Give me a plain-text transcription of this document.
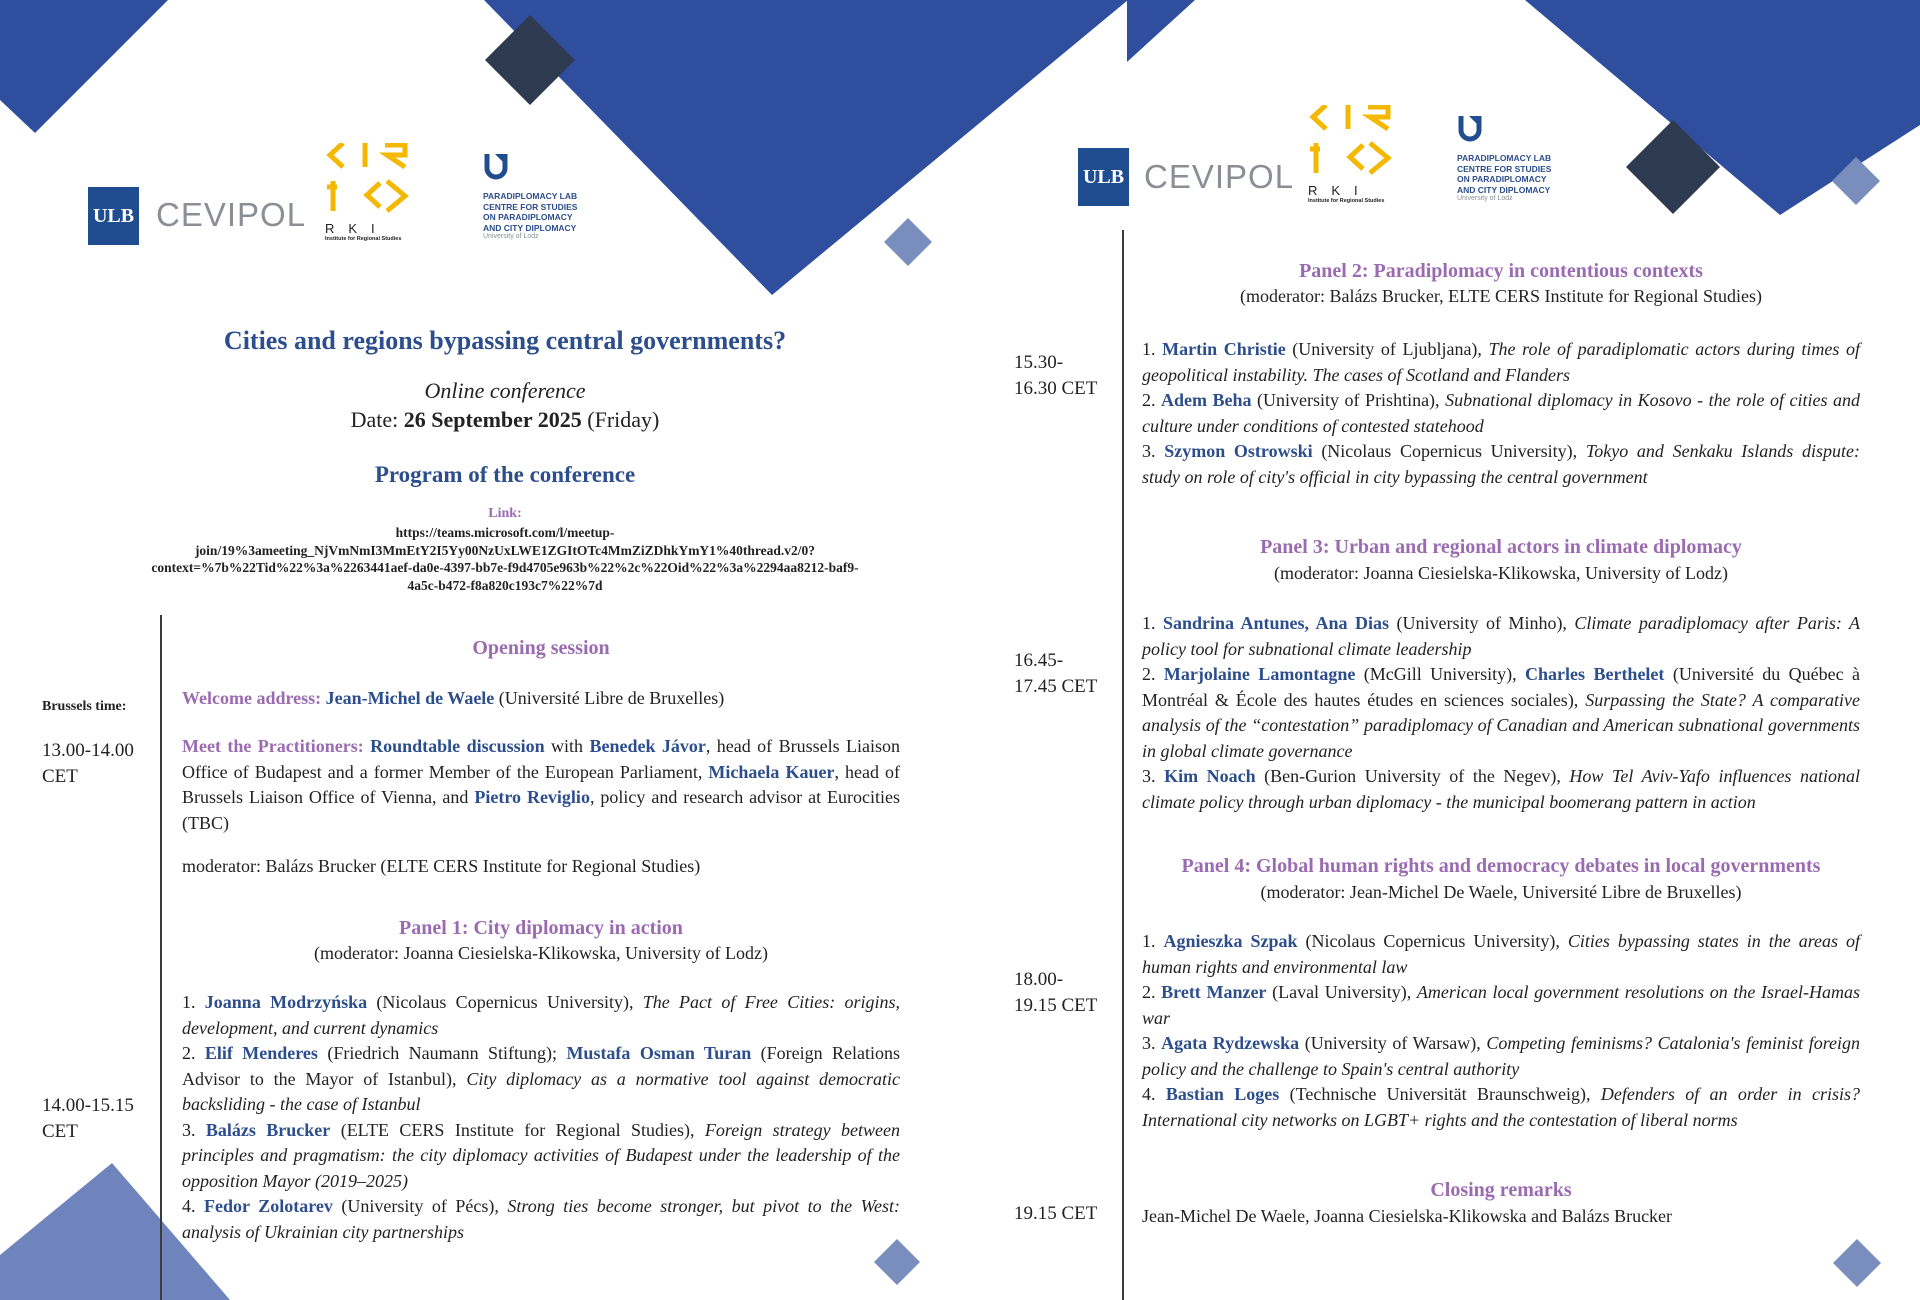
ULB CEVIPOL RKI
Institute for Regional Studies
PARADIPLOMACY LAB
CENTRE FOR STUDIES
ON PARADIPLOMACY
AND CITY DIPLOMACY
University of Lodz
ULB CEVIPOL RKI
Institute for Regional Studies
PARADIPLOMACY LAB
CENTRE FOR STUDIES
ON PARADIPLOMACY
AND CITY DIPLOMACY
University of Lodz
Cities and regions bypassing central governments?
Online conference
Date: 26 September 2025 (Friday)
Program of the conference
Link:
https://teams.microsoft.com/l/meetup-
join/19%3ameeting_NjVmNmI3MmEtY2I5Yy00NzUxLWE1ZGItOTc4MmZiZDhkYmY1%40thread.v2/0?
context=%7b%22Tid%22%3a%2263441aef-da0e-4397-bb7e-f9d4705e963b%22%2c%22Oid%22%3a%2294aa8212-baf9-
4a5c-b472-f8a820c193c7%22%7d
Brussels time:
13.00-14.00
CET
14.00-15.15
CET
Opening session
Welcome address: Jean-Michel de Waele (Université Libre de Bruxelles)
Meet the Practitioners: Roundtable discussion with Benedek Jávor, head of Brussels Liaison Office of Budapest and a former Member of the European Parliament, Michaela Kauer, head of Brussels Liaison Office of Vienna, and Pietro Reviglio, policy and research advisor at Eurocities (TBC)
moderator: Balázs Brucker (ELTE CERS Institute for Regional Studies)
Panel 1: City diplomacy in action
(moderator: Joanna Ciesielska-Klikowska, University of Lodz)
1. Joanna Modrzyńska (Nicolaus Copernicus University), The Pact of Free Cities: origins, development, and current dynamics
2. Elif Menderes (Friedrich Naumann Stiftung); Mustafa Osman Turan (Foreign Relations Advisor to the Mayor of Istanbul), City diplomacy as a normative tool against democratic backsliding - the case of Istanbul
3. Balázs Brucker (ELTE CERS Institute for Regional Studies), Foreign strategy between principles and pragmatism: the city diplomacy activities of Budapest under the leadership of the opposition Mayor (2019–2025)
4. Fedor Zolotarev (University of Pécs), Strong ties become stronger, but pivot to the West: analysis of Ukrainian city partnerships
15.30-
16.30 CET
16.45-
17.45 CET
18.00-
19.15 CET
19.15 CET
Panel 2: Paradiplomacy in contentious contexts
(moderator: Balázs Brucker, ELTE CERS Institute for Regional Studies)
1. Martin Christie (University of Ljubljana), The role of paradiplomatic actors during times of geopolitical instability. The cases of Scotland and Flanders
2. Adem Beha (University of Prishtina), Subnational diplomacy in Kosovo - the role of cities and culture under conditions of contested statehood
3. Szymon Ostrowski (Nicolaus Copernicus University), Tokyo and Senkaku Islands dispute: study on role of city's official in city bypassing the central government
Panel 3: Urban and regional actors in climate diplomacy
(moderator: Joanna Ciesielska-Klikowska, University of Lodz)
1. Sandrina Antunes, Ana Dias (University of Minho), Climate paradiplomacy after Paris: A policy tool for subnational climate leadership
2. Marjolaine Lamontagne (McGill University), Charles Berthelet (Université du Québec à Montréal & École des hautes études en sciences sociales), Surpassing the State? A comparative analysis of the “contestation” paradiplomacy of Canadian and American subnational governments in global climate governance
3. Kim Noach (Ben-Gurion University of the Negev), How Tel Aviv-Yafo influences national climate policy through urban diplomacy - the municipal boomerang pattern in action
Panel 4: Global human rights and democracy debates in local governments
(moderator: Jean-Michel De Waele, Université Libre de Bruxelles)
1. Agnieszka Szpak (Nicolaus Copernicus University), Cities bypassing states in the areas of human rights and environmental law
2. Brett Manzer (Laval University), American local government resolutions on the Israel-Hamas war
3. Agata Rydzewska (University of Warsaw), Competing feminisms? Catalonia's feminist foreign policy and the challenge to Spain's central authority
4. Bastian Loges (Technische Universität Braunschweig), Defenders of an order in crisis? International city networks on LGBT+ rights and the contestation of liberal norms
Closing remarks
Jean-Michel De Waele, Joanna Ciesielska-Klikowska and Balázs Brucker
